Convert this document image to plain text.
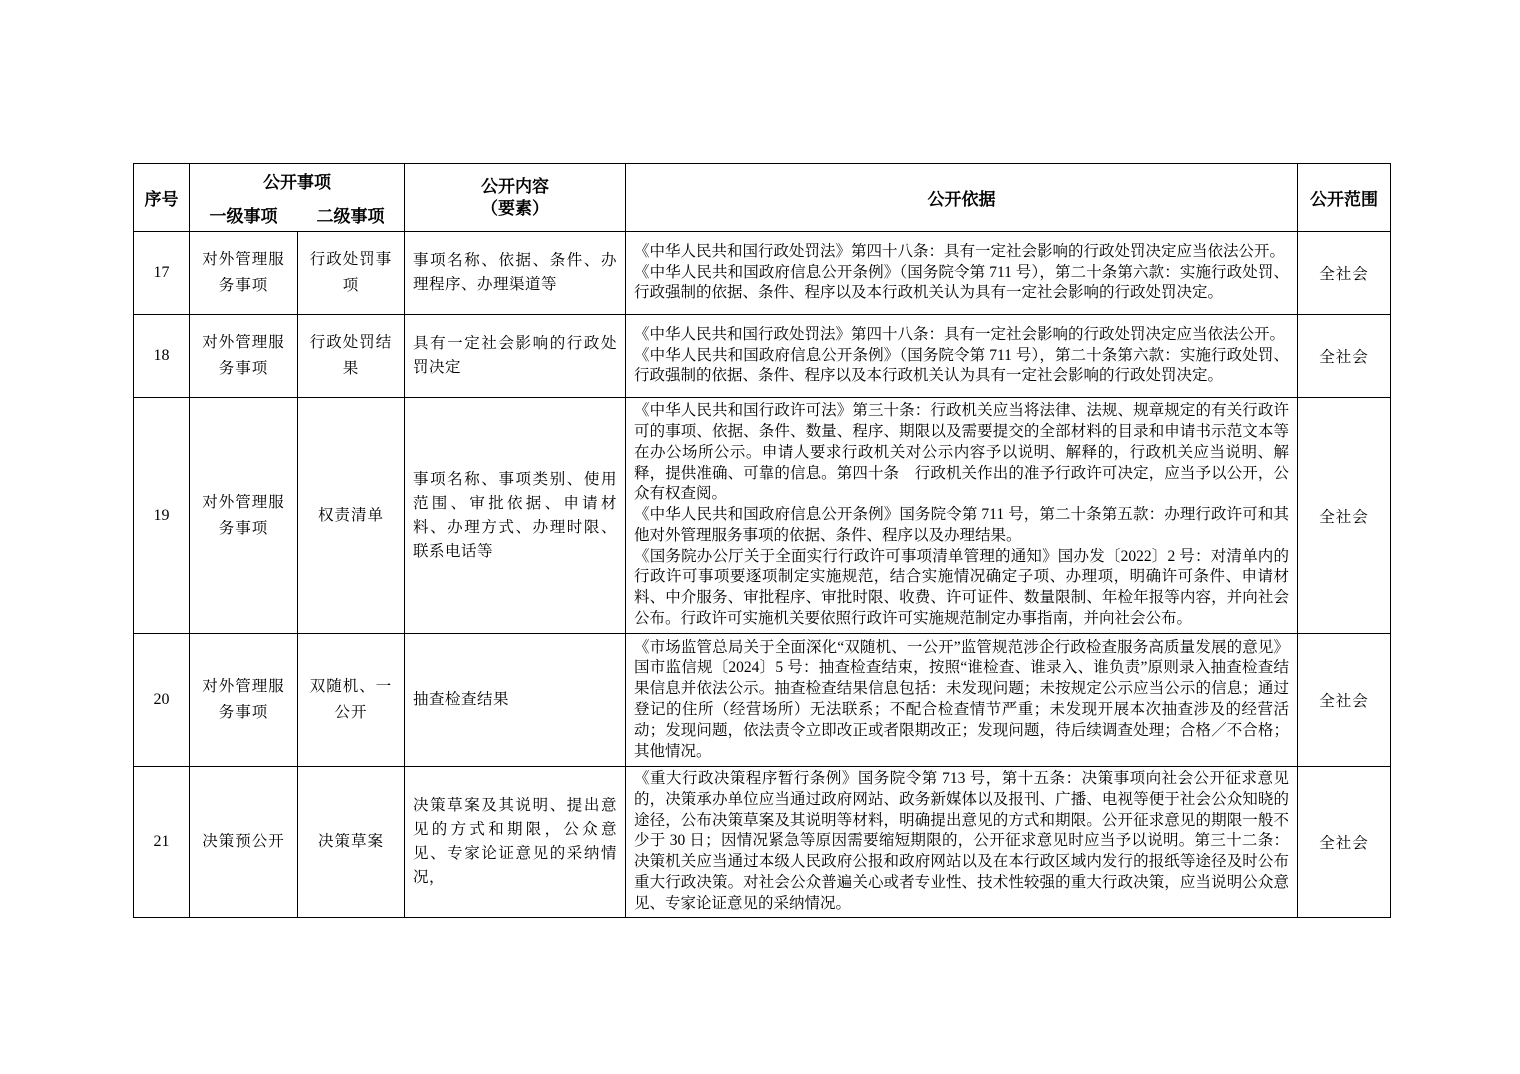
序号	
公开事项
一级事项	二级事项

公开内容
（要素）	公开依据	公开范围
17	对外管理服务事项	行政处罚事项	事项名称、依据、条件、办理程序、办理渠道等	《中华人民共和国行政处罚法》第四十八条：具有一定社会影响的行政处罚决定应当依法公开。
《中华人民共和国政府信息公开条例》（国务院令第 711 号），第二十条第六款：实施行政处罚、行政强制的依据、条件、程序以及本行政机关认为具有一定社会影响的行政处罚决定。	全社会
18	对外管理服务事项	行政处罚结果	具有一定社会影响的行政处罚决定	《中华人民共和国行政处罚法》第四十八条：具有一定社会影响的行政处罚决定应当依法公开。
《中华人民共和国政府信息公开条例》（国务院令第 711 号），第二十条第六款：实施行政处罚、行政强制的依据、条件、程序以及本行政机关认为具有一定社会影响的行政处罚决定。	全社会
19	对外管理服务事项	权责清单	事项名称、事项类别、使用范围、审批依据、申请材料、办理方式、办理时限、联系电话等	《中华人民共和国行政许可法》第三十条：行政机关应当将法律、法规、规章规定的有关行政许可的事项、依据、条件、数量、程序、期限以及需要提交的全部材料的目录和申请书示范文本等在办公场所公示。申请人要求行政机关对公示内容予以说明、解释的，行政机关应当说明、解释，提供准确、可靠的信息。第四十条　行政机关作出的准予行政许可决定，应当予以公开，公众有权查阅。
《中华人民共和国政府信息公开条例》国务院令第 711 号，第二十条第五款：办理行政许可和其他对外管理服务事项的依据、条件、程序以及办理结果。
《国务院办公厅关于全面实行行政许可事项清单管理的通知》国办发〔2022〕2 号：对清单内的行政许可事项要逐项制定实施规范，结合实施情况确定子项、办理项，明确许可条件、申请材料、中介服务、审批程序、审批时限、收费、许可证件、数量限制、年检年报等内容，并向社会公布。行政许可实施机关要依照行政许可实施规范制定办事指南，并向社会公布。	全社会
20	对外管理服务事项	双随机、一公开	抽查检查结果	《市场监管总局关于全面深化“双随机、一公开”监管规范涉企行政检查服务高质量发展的意见》国市监信规〔2024〕5 号：抽查检查结束，按照“谁检查、谁录入、谁负责”原则录入抽查检查结果信息并依法公示。抽查检查结果信息包括：未发现问题；未按规定公示应当公示的信息；通过登记的住所（经营场所）无法联系；不配合检查情节严重；未发现开展本次抽查涉及的经营活动；发现问题，依法责令立即改正或者限期改正；发现问题，待后续调查处理；合格／不合格；其他情况。	全社会
21	决策预公开	决策草案	决策草案及其说明、提出意见的方式和期限，公众意见、专家论证意见的采纳情况，	《重大行政决策程序暂行条例》国务院令第 713 号，第十五条：决策事项向社会公开征求意见的，决策承办单位应当通过政府网站、政务新媒体以及报刊、广播、电视等便于社会公众知晓的途径，公布决策草案及其说明等材料，明确提出意见的方式和期限。公开征求意见的期限一般不少于 30 日；因情况紧急等原因需要缩短期限的，公开征求意见时应当予以说明。第三十二条：决策机关应当通过本级人民政府公报和政府网站以及在本行政区域内发行的报纸等途径及时公布重大行政决策。对社会公众普遍关心或者专业性、技术性较强的重大行政决策，应当说明公众意见、专家论证意见的采纳情况。	全社会
